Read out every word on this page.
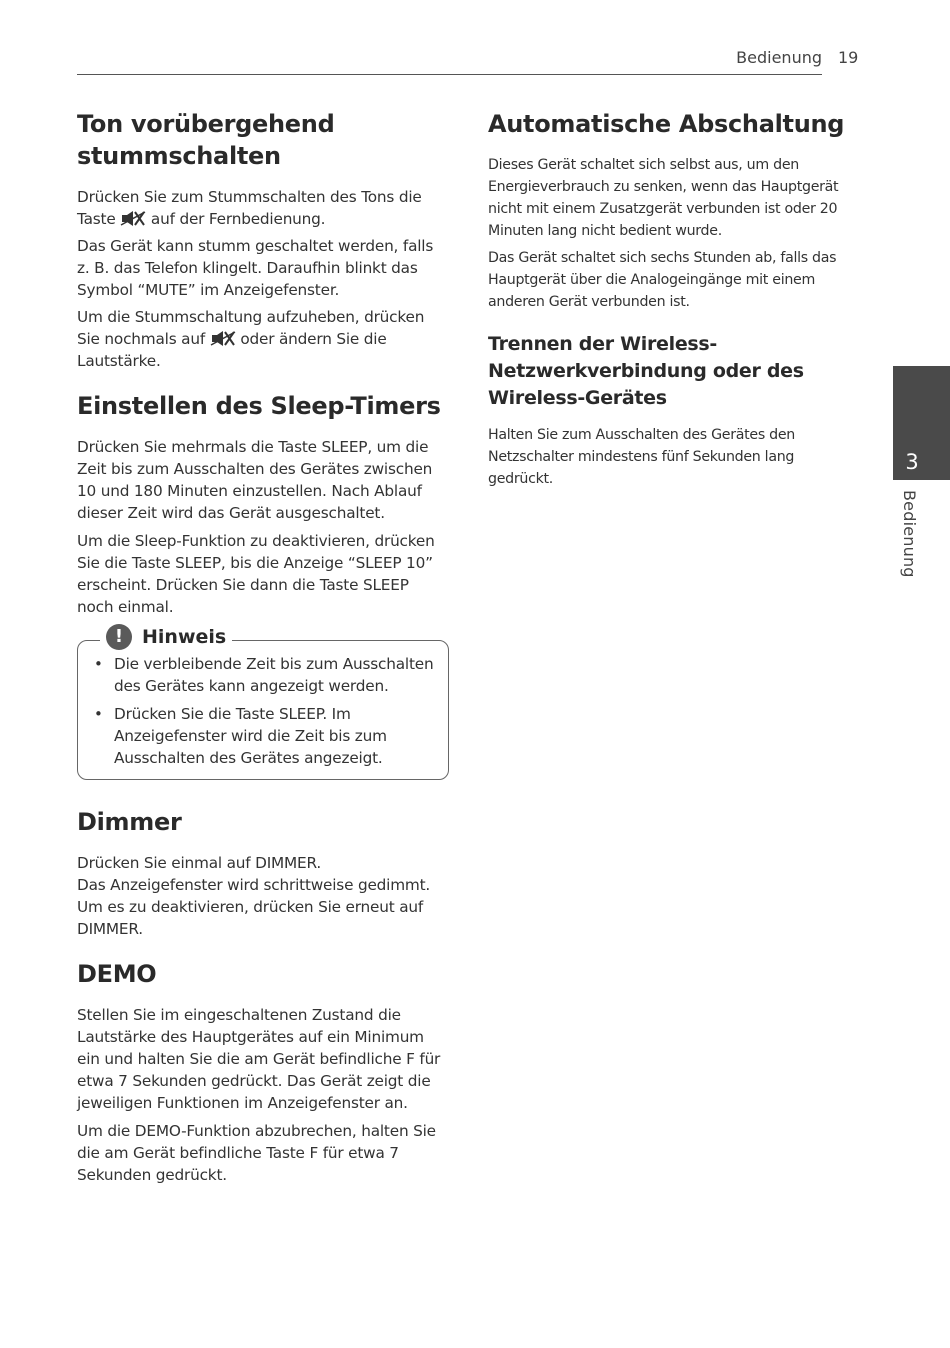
Bedienung 19
Ton vorübergehend stummschalten

Drücken Sie zum Stummschalten des Tons die Taste auf der Fernbedienung.

Das Gerät kann stumm geschaltet werden, falls z. B. das Telefon klingelt. Daraufhin blinkt das Symbol “MUTE” im Anzeigefenster.

Um die Stummschaltung aufzuheben, drücken Sie nochmals auf oder ändern Sie die Lautstärke.

Einstellen des Sleep-Timers

Drücken Sie mehrmals die Taste SLEEP, um die Zeit bis zum Ausschalten des Gerätes zwischen 10 und 180 Minuten einzustellen. Nach Ablauf dieser Zeit wird das Gerät ausgeschaltet.

Um die Sleep-Funktion zu deaktivieren, drücken Sie die Taste SLEEP, bis die Anzeige “SLEEP 10” erscheint. Drücken Sie dann die Taste SLEEP noch einmal.

! Hinweis
• Die verbleibende Zeit bis zum Ausschalten des Gerätes kann angezeigt werden.
• Drücken Sie die Taste SLEEP. Im Anzeigefenster wird die Zeit bis zum Ausschalten des Gerätes angezeigt.
Dimmer

Drücken Sie einmal auf DIMMER.
Das Anzeigefenster wird schrittweise gedimmt.
Um es zu deaktivieren, drücken Sie erneut auf
DIMMER.

DEMO

Stellen Sie im eingeschaltenen Zustand die Lautstärke des Hauptgerätes auf ein Minimum ein und halten Sie die am Gerät befindliche F für etwa 7 Sekunden gedrückt. Das Gerät zeigt die jeweiligen Funktionen im Anzeigefenster an.

Um die DEMO-Funktion abzubrechen, halten Sie die am Gerät befindliche Taste F für etwa 7 Sekunden gedrückt.

Automatische Abschaltung

Dieses Gerät schaltet sich selbst aus, um den Energieverbrauch zu senken, wenn das Hauptgerät nicht mit einem Zusatzgerät verbunden ist oder 20 Minuten lang nicht bedient wurde.

Das Gerät schaltet sich sechs Stunden ab, falls das Hauptgerät über die Analogeingänge mit einem anderen Gerät verbunden ist.

Trennen der Wireless-Netzwerkverbindung oder des Wireless-Gerätes

Halten Sie zum Ausschalten des Gerätes den Netzschalter mindestens fünf Sekunden lang gedrückt.

3
Bedienung
